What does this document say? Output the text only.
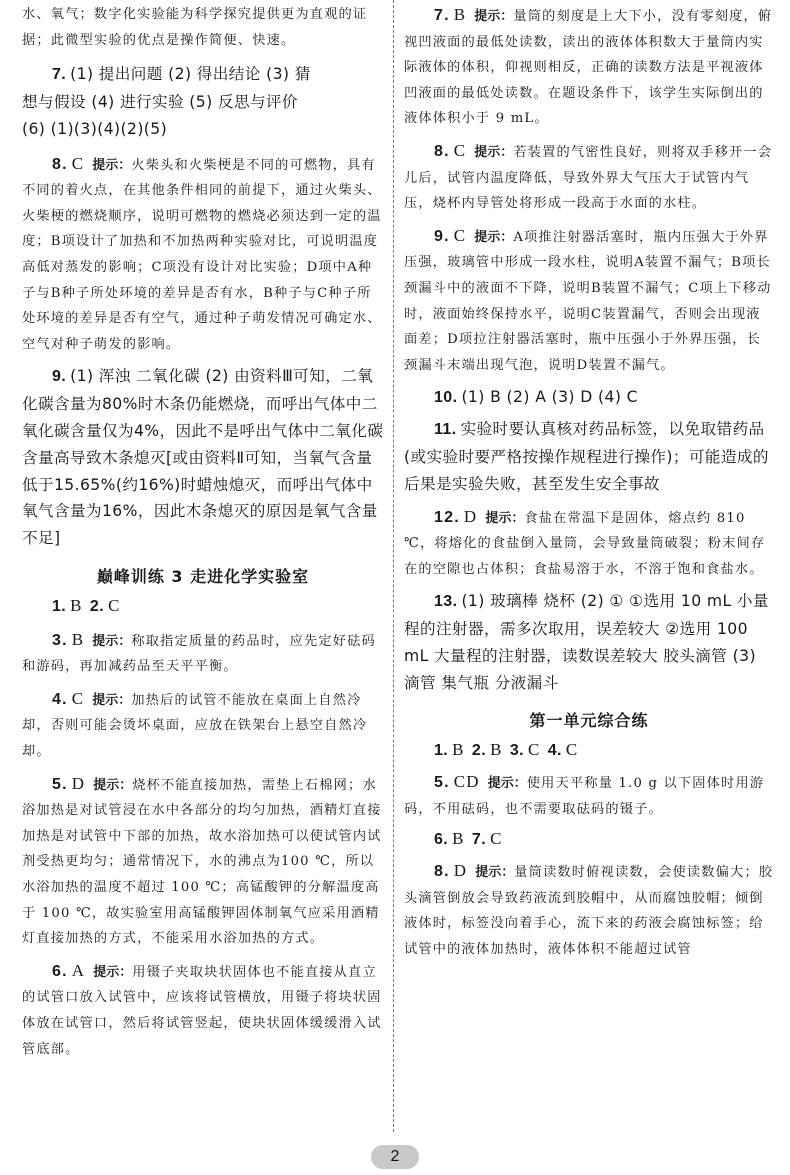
水、氧气；数字化实验能为科学探究提供更为直观的证据；此微型实验的优点是操作简便、快速。

7. (1) 提出问题 (2) 得出结论 (3) 猜
想与假设 (4) 进行实验 (5) 反思与评价
(6) (1)(3)(4)(2)(5)

8. C 提示：火柴头和火柴梗是不同的可燃物，具有不同的着火点，在其他条件相同的前提下，通过火柴头、火柴梗的燃烧顺序，说明可燃物的燃烧必须达到一定的温度；B项设计了加热和不加热两种实验对比，可说明温度高低对蒸发的影响；C项没有设计对比实验；D项中A种子与B种子所处环境的差异是否有水，B种子与C种子所处环境的差异是否有空气，通过种子萌发情况可确定水、空气对种子萌发的影响。

9. (1) 浑浊 二氧化碳 (2) 由资料Ⅲ可知，二氧化碳含量为80%时木条仍能燃烧，而呼出气体中二氧化碳含量仅为4%，因此不是呼出气体中二氧化碳含量高导致木条熄灭[或由资料Ⅱ可知，当氧气含量低于15.65%(约16%)时蜡烛熄灭，而呼出气体中氧气含量为16%，因此木条熄灭的原因是氧气含量不足]

巅峰训练 3 走进化学实验室

1. B 2. C

3. B 提示：称取指定质量的药品时，应先定好砝码和游码，再加减药品至天平平衡。

4. C 提示：加热后的试管不能放在桌面上自然冷却，否则可能会烫坏桌面，应放在铁架台上悬空自然冷却。

5. D 提示：烧杯不能直接加热，需垫上石棉网；水浴加热是对试管浸在水中各部分的均匀加热，酒精灯直接加热是对试管中下部的加热，故水浴加热可以使试管内试剂受热更均匀；通常情况下，水的沸点为100 ℃，所以水浴加热的温度不超过 100 ℃；高锰酸钾的分解温度高于 100 ℃，故实验室用高锰酸钾固体制氧气应采用酒精灯直接加热的方式，不能采用水浴加热的方式。

6. A 提示：用镊子夹取块状固体也不能直接从直立的试管口放入试管中，应该将试管横放，用镊子将块状固体放在试管口，然后将试管竖起，使块状固体缓缓滑入试管底部。

7. B 提示：量筒的刻度是上大下小，没有零刻度，俯视凹液面的最低处读数，读出的液体体积数大于量筒内实际液体的体积，仰视则相反，正确的读数方法是平视液体凹液面的最低处读数。在题设条件下，该学生实际倒出的液体体积小于 9 mL。

8. C 提示：若装置的气密性良好，则将双手移开一会儿后，试管内温度降低，导致外界大气压大于试管内气压，烧杯内导管处将形成一段高于水面的水柱。

9. C 提示：A项推注射器活塞时，瓶内压强大于外界压强，玻璃管中形成一段水柱，说明A装置不漏气；B项长颈漏斗中的液面不下降，说明B装置不漏气；C项上下移动时，液面始终保持水平，说明C装置漏气，否则会出现液面差；D项拉注射器活塞时，瓶中压强小于外界压强，长颈漏斗末端出现气泡，说明D装置不漏气。

10. (1) B (2) A (3) D (4) C

11. 实验时要认真核对药品标签，以免取错药品(或实验时要严格按操作规程进行操作)；可能造成的后果是实验失败，甚至发生安全事故

12. D 提示：食盐在常温下是固体，熔点约 810 ℃，将熔化的食盐倒入量筒，会导致量筒破裂；粉末间存在的空隙也占体积；食盐易溶于水，不溶于饱和食盐水。

13. (1) 玻璃棒 烧杯 (2) ① ①选用 10 mL 小量程的注射器，需多次取用，误差较大 ②选用 100 mL 大量程的注射器，读数误差较大 胶头滴管 (3) 滴管 集气瓶 分液漏斗

第一单元综合练

1. B 2. B 3. C 4. C

5. CD 提示：使用天平称量 1.0 g 以下固体时用游码，不用砝码，也不需要取砝码的镊子。

6. B 7. C

8. D 提示：量筒读数时俯视读数，会使读数偏大；胶头滴管倒放会导致药液流到胶帽中，从而腐蚀胶帽；倾倒液体时，标签没向着手心，流下来的药液会腐蚀标签；给试管中的液体加热时，液体体积不能超过试管

2
